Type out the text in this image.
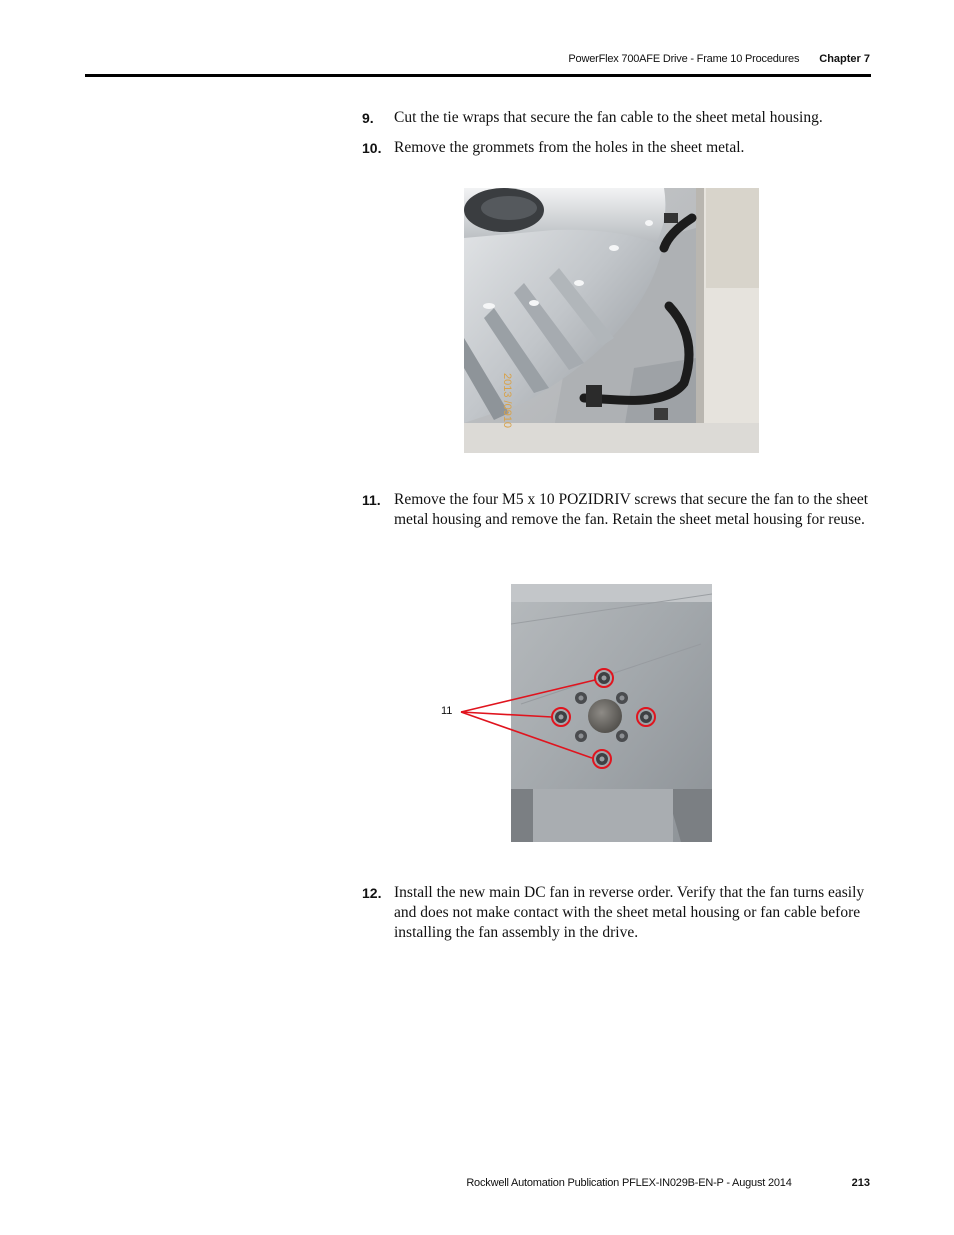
PowerFlex 700AFE Drive - Frame 10 Procedures Chapter 7
9. Cut the tie wraps that secure the fan cable to the sheet metal housing.
10. Remove the grommets from the holes in the sheet metal.
2013 /0910
11. Remove the four M5 x 10 POZIDRIV screws that secure the fan to the sheet metal housing and remove the fan. Retain the sheet metal housing for reuse.
11
12. Install the new main DC fan in reverse order. Verify that the fan turns easily and does not make contact with the sheet metal housing or fan cable before installing the fan assembly in the drive.
Rockwell Automation Publication PFLEX-IN029B-EN-P - August 2014	213
